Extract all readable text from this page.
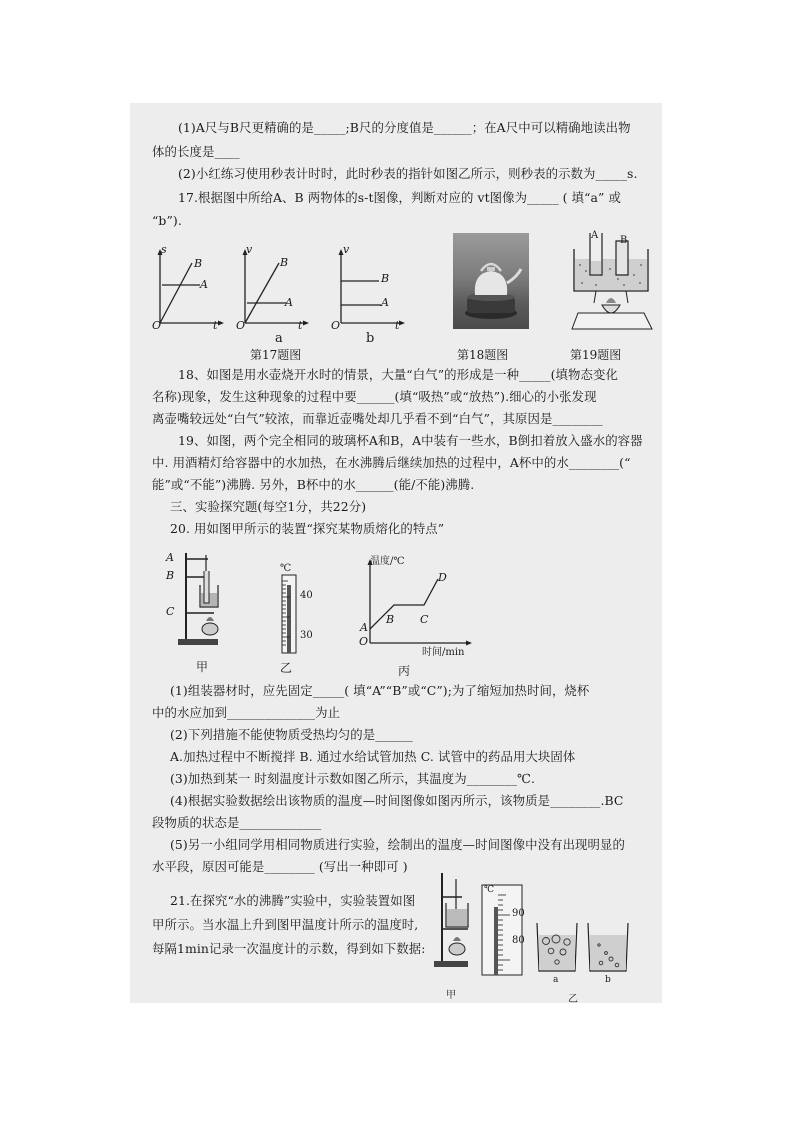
(1)A尺与B尺更精确的是_____;B尺的分度值是______；在A尺中可以精确地读出物
体的长度是____
(2)小红练习使用秒表计时时，此时秒表的指针如图乙所示，则秒表的示数为_____s.
17.根据图中所给A、B 两物体的s-t图像，判断对应的 vt图像为_____ ( 填“a” 或
“b”).
s
B
A
O	t
v
B
A
O	t
a
v
B
A
O	t
b
A B
第17题图	第18题图	第19题图
18、如图是用水壶烧开水时的情景，大量“白气”的形成是一种_____(填物态变化
名称)现象，发生这种现象的过程中要______(填“吸热”或“放热”).细心的小张发现
离壶嘴较远处“白气”较浓，而靠近壶嘴处却几乎看不到“白气”，其原因是________
19、如图，两个完全相同的玻璃杯A和B，A中装有一些水，B倒扣着放入盛水的容器
中. 用酒精灯给容器中的水加热，在水沸腾后继续加热的过程中，A杯中的水________(“
能”或“不能”)沸腾. 另外，B杯中的水______(能/不能)沸腾.
三、实验探究题(每空1分，共22分)
20. 用如图甲所示的装置“探究某物质熔化的特点”
A
B
C
℃
40
30
温度/℃
D
A
B C
O
时间/min
甲	乙	丙
(1)组装器材时，应先固定_____( 填“A”“B”或“C”);为了缩短加热时间，烧杯
中的水应加到______________为止
(2)下列措施不能使物质受热均匀的是______
A.加热过程中不断搅拌 B. 通过水给试管加热 C. 试管中的药品用大块固体
(3)加热到某一 时刻温度计示数如图乙所示，其温度为________℃.
(4)根据实验数据绘出该物质的温度—时间图像如图丙所示，该物质是________.BC
段物质的状态是_____________
(5)另一小组同学用相同物质进行实验，绘制出的温度—时间图像中没有出现明显的
水平段，原因可能是________ (写出一种即可 )
21.在探究“水的沸腾”实验中，实验装置如图
甲所示。当水温上升到图甲温度计所示的温度时,
每隔1min记录一次温度计的示数，得到如下数据:
甲
℃
90
80
a	b
乙
